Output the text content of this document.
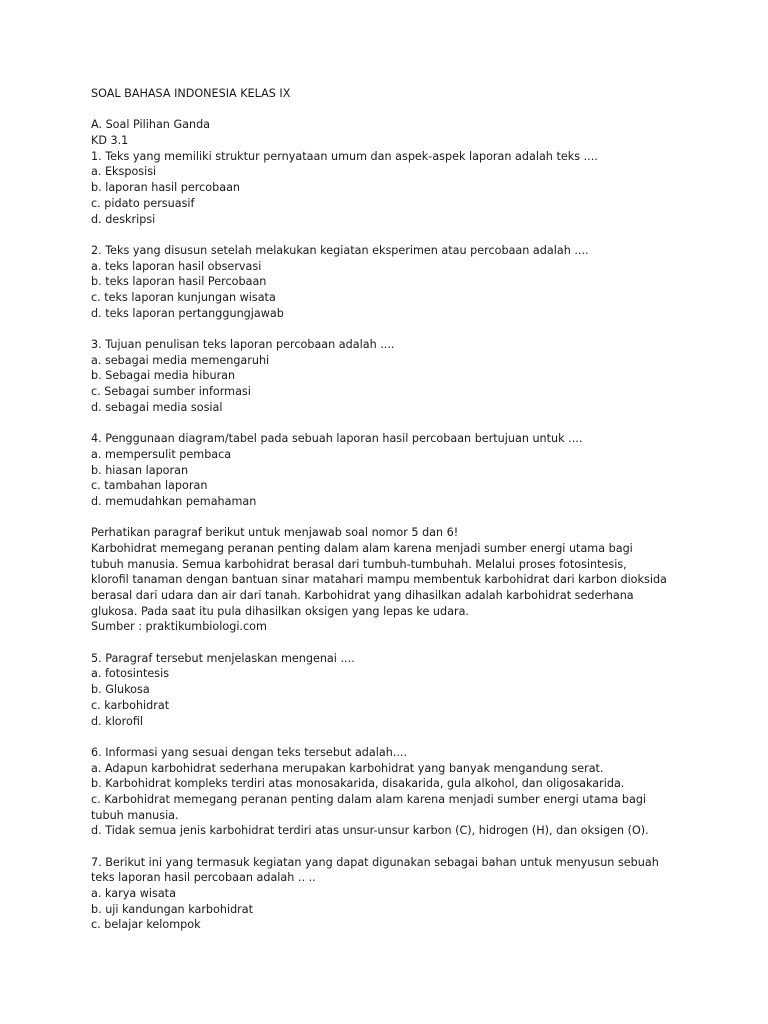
SOAL BAHASA INDONESIA KELAS IX
A. Soal Pilihan Ganda
KD 3.1
1. Teks yang memiliki struktur pernyataan umum dan aspek-aspek laporan adalah teks ....
a. Eksposisi
b. laporan hasil percobaan
c. pidato persuasif
d. deskripsi
2. Teks yang disusun setelah melakukan kegiatan eksperimen atau percobaan adalah ....
a. teks laporan hasil observasi
b. teks laporan hasil Percobaan
c. teks laporan kunjungan wisata
d. teks laporan pertanggungjawab
3. Tujuan penulisan teks laporan percobaan adalah ....
a. sebagai media memengaruhi
b. Sebagai media hiburan
c. Sebagai sumber informasi
d. sebagai media sosial
4. Penggunaan diagram/tabel pada sebuah laporan hasil percobaan bertujuan untuk ....
a. mempersulit pembaca
b. hiasan laporan
c. tambahan laporan
d. memudahkan pemahaman
Perhatikan paragraf berikut untuk menjawab soal nomor 5 dan 6!
Karbohidrat memegang peranan penting dalam alam karena menjadi sumber energi utama bagi
tubuh manusia. Semua karbohidrat berasal dari tumbuh-tumbuhah. Melalui proses fotosintesis,
klorofil tanaman dengan bantuan sinar matahari mampu membentuk karbohidrat dari karbon dioksida
berasal dari udara dan air dari tanah. Karbohidrat yang dihasilkan adalah karbohidrat sederhana
glukosa. Pada saat itu pula dihasilkan oksigen yang lepas ke udara.
Sumber : praktikumbiologi.com
5. Paragraf tersebut menjelaskan mengenai ....
a. fotosintesis
b. Glukosa
c. karbohidrat
d. klorofil
6. Informasi yang sesuai dengan teks tersebut adalah....
a. Adapun karbohidrat sederhana merupakan karbohidrat yang banyak mengandung serat.
b. Karbohidrat kompleks terdiri atas monosakarida, disakarida, gula alkohol, dan oligosakarida.
c. Karbohidrat memegang peranan penting dalam alam karena menjadi sumber energi utama bagi
tubuh manusia.
d. Tidak semua jenis karbohidrat terdiri atas unsur-unsur karbon (C), hidrogen (H), dan oksigen (O).
7. Berikut ini yang termasuk kegiatan yang dapat digunakan sebagai bahan untuk menyusun sebuah
teks laporan hasil percobaan adalah .. ..
a. karya wisata
b. uji kandungan karbohidrat
c. belajar kelompok
